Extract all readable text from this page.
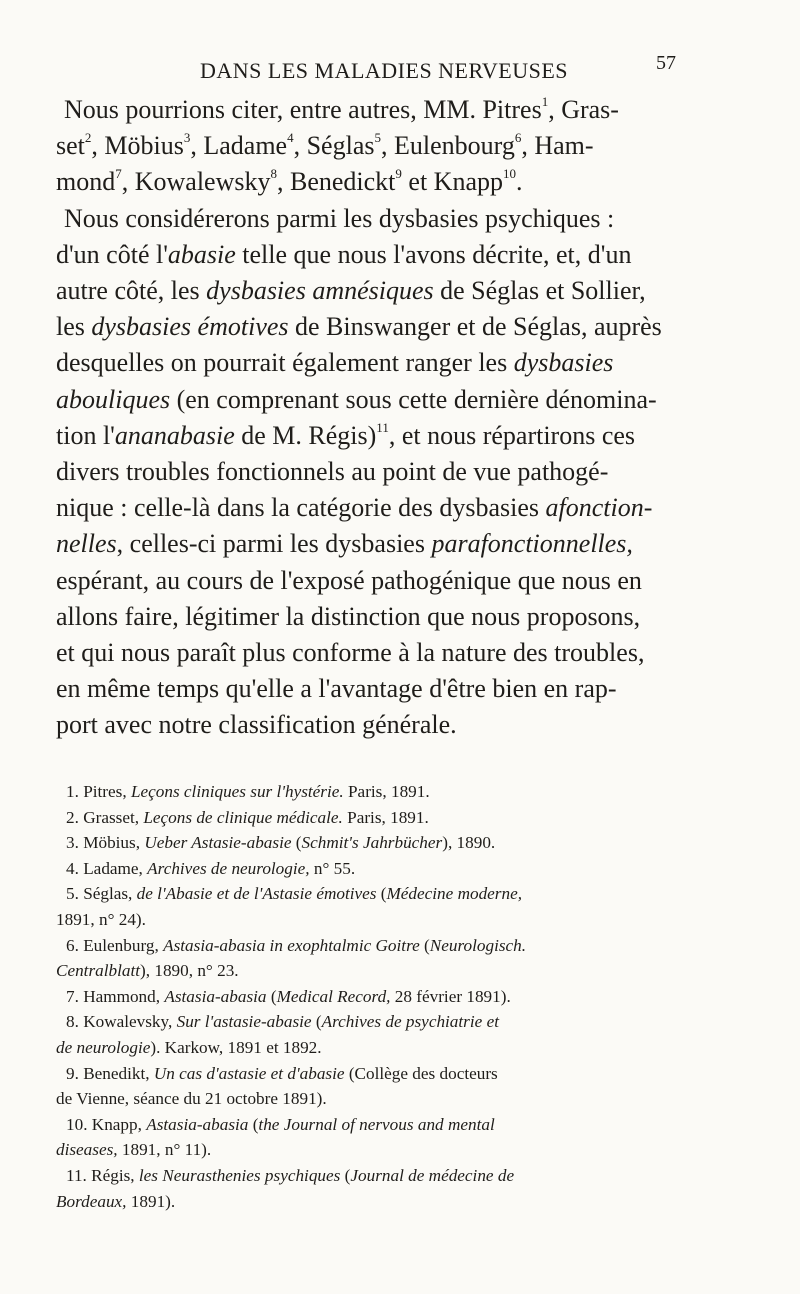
DANS LES MALADIES NERVEUSES	57
Nous pourrions citer, entre autres, MM. Pitres$^1$, Gras-
set$^2$, Möbius$^3$, Ladame$^4$, Séglas$^5$, Eulenbourg$^6$, Ham-
mond$^7$, Kowalewsky$^8$, Benedickt$^9$ et Knapp$^{10}$.
Nous considérerons parmi les dysbasies psychiques :
d'un côté l'abasie telle que nous l'avons décrite, et, d'un
autre côté, les dysbasies amnésiques de Séglas et Sollier,
les dysbasies émotives de Binswanger et de Séglas, auprès
desquelles on pourrait également ranger les dysbasies
abouliques (en comprenant sous cette dernière dénomina-
tion l'ananabasie de M. Régis)$^{11}$, et nous répartirons ces
divers troubles fonctionnels au point de vue pathogé-
nique : celle-là dans la catégorie des dysbasies afonction-
nelles, celles-ci parmi les dysbasies parafonctionnelles,
espérant, au cours de l'exposé pathogénique que nous en
allons faire, légitimer la distinction que nous proposons,
et qui nous paraît plus conforme à la nature des troubles,
en même temps qu'elle a l'avantage d'être bien en rap-
port avec notre classification générale.
1. Pitres, Leçons cliniques sur l'hystérie. Paris, 1891.
2. Grasset, Leçons de clinique médicale. Paris, 1891.
3. Möbius, Ueber Astasie-abasie (Schmit's Jahrbücher), 1890.
4. Ladame, Archives de neurologie, n° 55.
5. Séglas, de l'Abasie et de l'Astasie émotives (Médecine moderne,
1891, n° 24).
6. Eulenburg, Astasia-abasia in exophtalmic Goitre (Neurologisch.
Centralblatt), 1890, n° 23.
7. Hammond, Astasia-abasia (Medical Record, 28 février 1891).
8. Kowalevsky, Sur l'astasie-abasie (Archives de psychiatrie et
de neurologie). Karkow, 1891 et 1892.
9. Benedikt, Un cas d'astasie et d'abasie (Collège des docteurs
de Vienne, séance du 21 octobre 1891).
10. Knapp, Astasia-abasia (the Journal of nervous and mental
diseases, 1891, n° 11).
11. Régis, les Neurasthenies psychiques (Journal de médecine de
Bordeaux, 1891).
